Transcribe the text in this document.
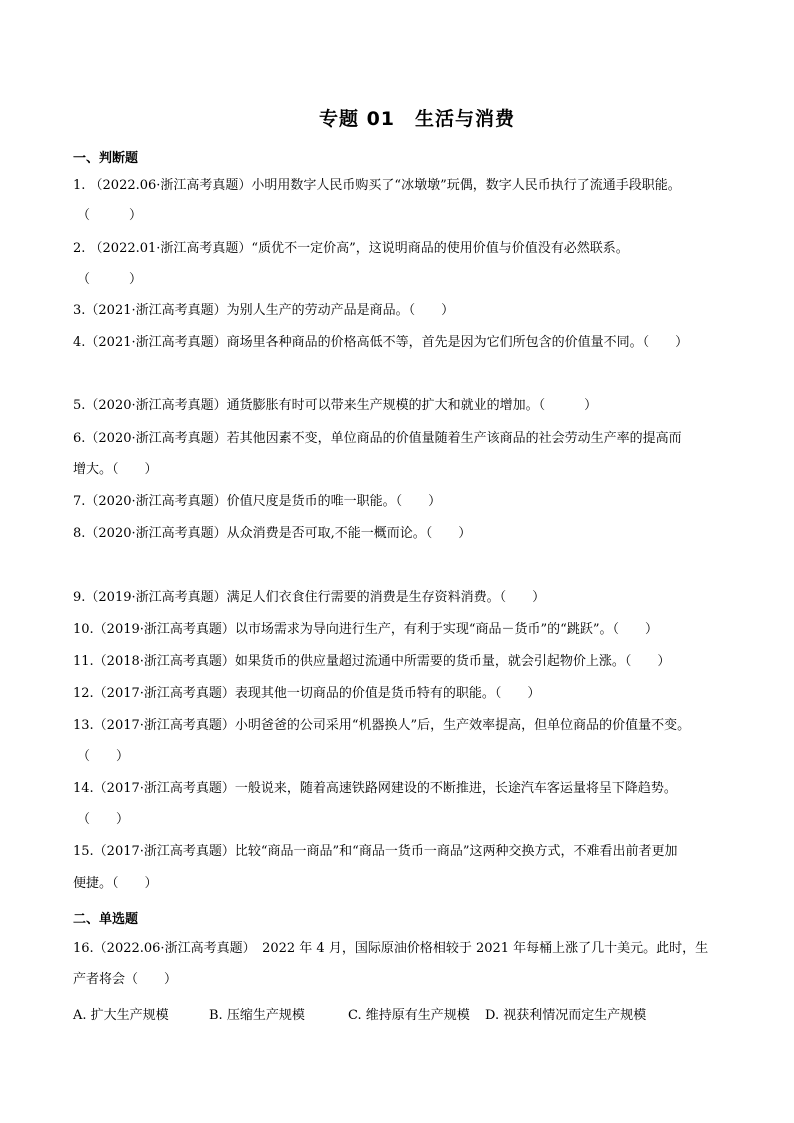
专题 01　生活与消费
一、判断题
1. （2022.06·浙江高考真题）小明用数字人民币购买了“冰墩墩”玩偶，数字人民币执行了流通手段职能。
（　　　）
2. （2022.01·浙江高考真题）“质优不一定价高”，这说明商品的使用价值与价值没有必然联系。
（　　　）
3.（2021·浙江高考真题）为别人生产的劳动产品是商品。（　　）
4.（2021·浙江高考真题）商场里各种商品的价格高低不等，首先是因为它们所包含的价值量不同。（　　）
5.（2020·浙江高考真题）通货膨胀有时可以带来生产规模的扩大和就业的增加。（　　　）
6.（2020·浙江高考真题）若其他因素不变，单位商品的价值量随着生产该商品的社会劳动生产率的提高而
增大。（　　）
7.（2020·浙江高考真题）价值尺度是货币的唯一职能。（　　）
8.（2020·浙江高考真题）从众消费是否可取,不能一概而论。（　　）
9.（2019·浙江高考真题）满足人们衣食住行需要的消费是生存资料消费。（　　）
10.（2019·浙江高考真题）以市场需求为导向进行生产，有利于实现“商品－货币”的“跳跃”。（　　）
11.（2018·浙江高考真题）如果货币的供应量超过流通中所需要的货币量，就会引起物价上涨。（　　）
12.（2017·浙江高考真题）表现其他一切商品的价值是货币特有的职能。（　　）
13.（2017·浙江高考真题）小明爸爸的公司采用“机器换人”后，生产效率提高，但单位商品的价值量不变。
（　　）
14.（2017·浙江高考真题）一般说来，随着高速铁路网建设的不断推进，长途汽车客运量将呈下降趋势。
（　　）
15.（2017·浙江高考真题）比较“商品一商品”和“商品一货币一商品”这两种交换方式，不难看出前者更加
便捷。（　　）
二、单选题
16.（2022.06·浙江高考真题）　2022 年 4 月，国际原油价格相较于 2021 年每桶上涨了几十美元。此时，生
产者将会（　　）
A. 扩大生产规模	B. 压缩生产规模	C. 维持原有生产规模 D. 视获利情况而定生产规模
